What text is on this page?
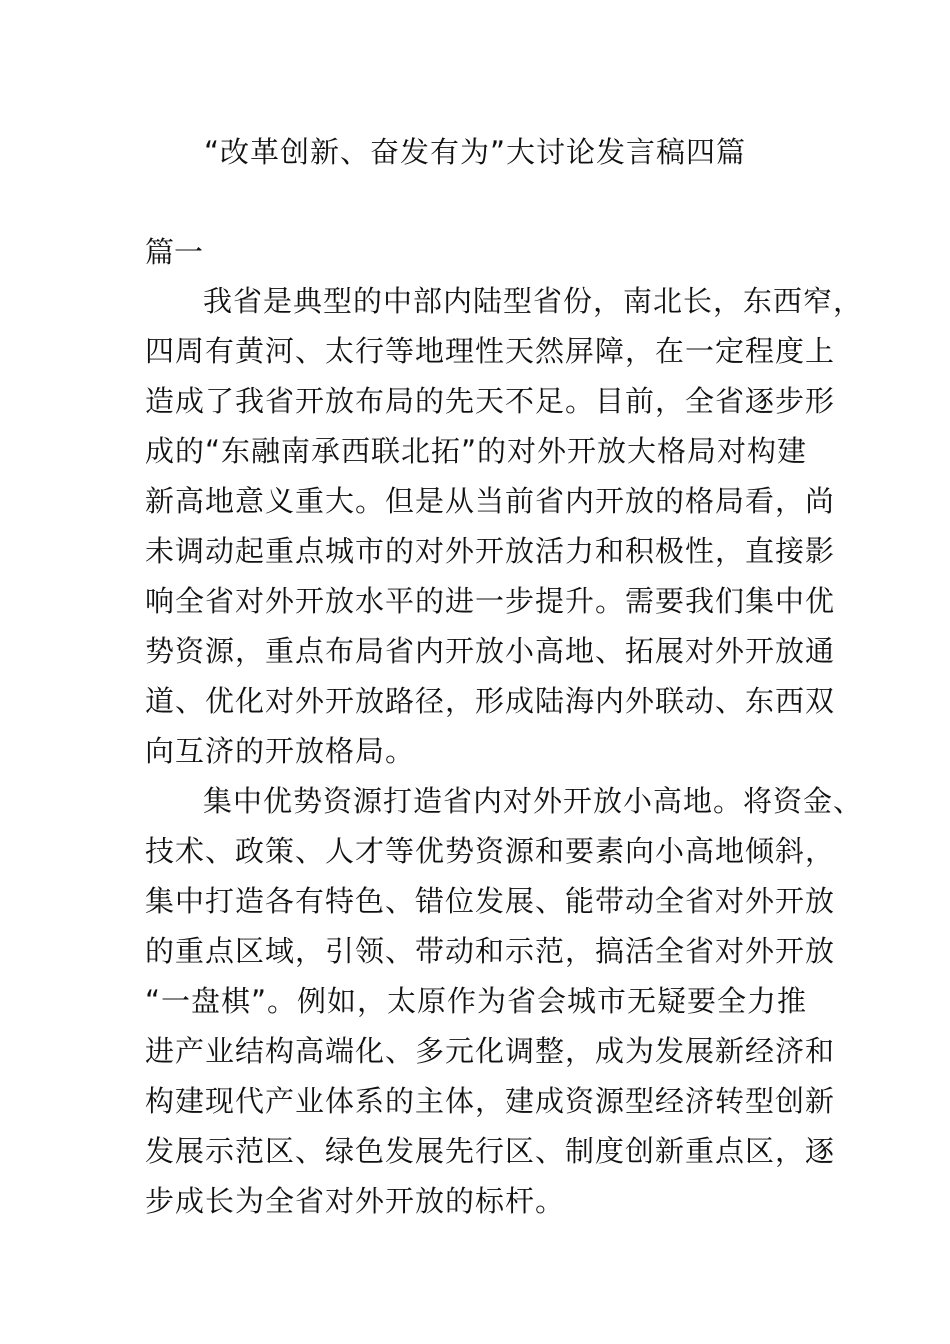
“改革创新、奋发有为”大讨论发言稿四篇
篇一
我省是典型的中部内陆型省份，南北长，东西窄，
四周有黄河、太行等地理性天然屏障，在一定程度上
造成了我省开放布局的先天不足。目前，全省逐步形
成的“东融南承西联北拓”的对外开放大格局对构建
新高地意义重大。但是从当前省内开放的格局看，尚
未调动起重点城市的对外开放活力和积极性，直接影
响全省对外开放水平的进一步提升。需要我们集中优
势资源，重点布局省内开放小高地、拓展对外开放通
道、优化对外开放路径，形成陆海内外联动、东西双
向互济的开放格局。
集中优势资源打造省内对外开放小高地。将资金、
技术、政策、人才等优势资源和要素向小高地倾斜，
集中打造各有特色、错位发展、能带动全省对外开放
的重点区域，引领、带动和示范，搞活全省对外开放
“一盘棋”。例如，太原作为省会城市无疑要全力推
进产业结构高端化、多元化调整，成为发展新经济和
构建现代产业体系的主体，建成资源型经济转型创新
发展示范区、绿色发展先行区、制度创新重点区，逐
步成长为全省对外开放的标杆。
